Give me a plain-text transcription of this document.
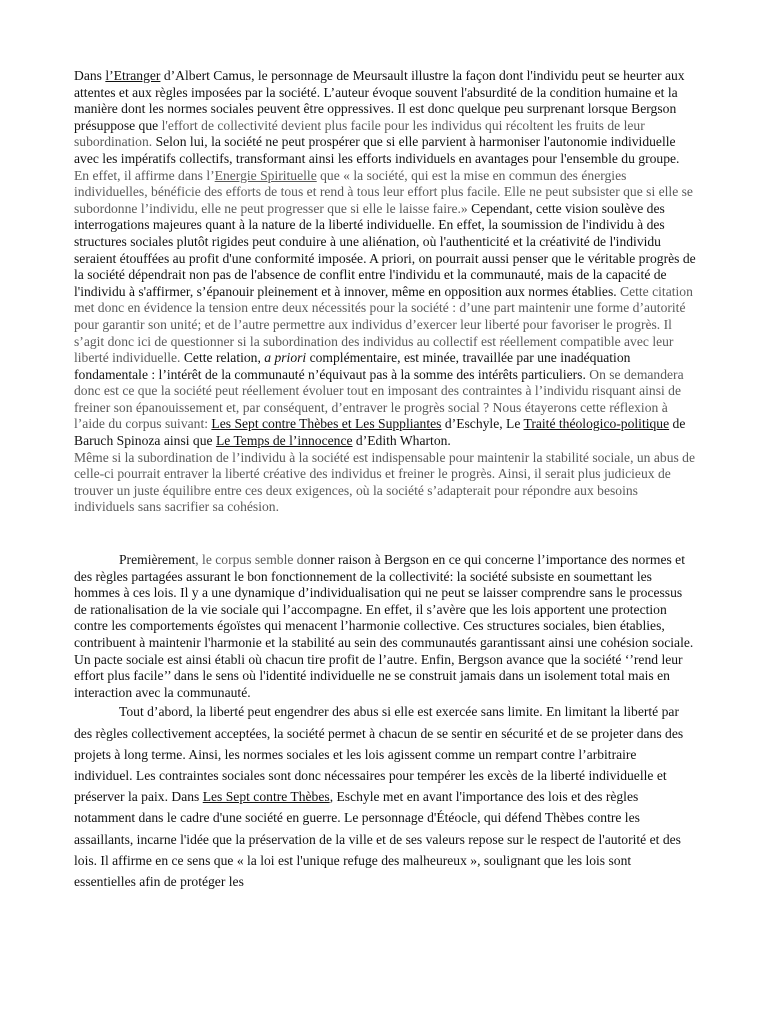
Dans l’Etranger d’Albert Camus, le personnage de Meursault illustre la façon dont l'individu peut se heurter aux attentes et aux règles imposées par la société. L’auteur évoque souvent l'absurdité de la condition humaine et la manière dont les normes sociales peuvent être oppressives. Il est donc quelque peu surprenant lorsque Bergson présuppose que l'effort de collectivité devient plus facile pour les individus qui récoltent les fruits de leur subordination. Selon lui, la société ne peut prospérer que si elle parvient à harmoniser l'autonomie individuelle avec les impératifs collectifs, transformant ainsi les efforts individuels en avantages pour l'ensemble du groupe. En effet, il affirme dans l’Energie Spirituelle que « la société, qui est la mise en commun des énergies individuelles, bénéficie des efforts de tous et rend à tous leur effort plus facile. Elle ne peut subsister que si elle se subordonne l’individu, elle ne peut progresser que si elle le laisse faire.» Cependant, cette vision soulève des interrogations majeures quant à la nature de la liberté individuelle. En effet, la soumission de l'individu à des structures sociales plutôt rigides peut conduire à une aliénation, où l'authenticité et la créativité de l'individu seraient étouffées au profit d'une conformité imposée. A priori, on pourrait aussi penser que le véritable progrès de la société dépendrait non pas de l'absence de conflit entre l'individu et la communauté, mais de la capacité de l'individu à s'affirmer, s’épanouir pleinement et à innover, même en opposition aux normes établies. Cette citation met donc en évidence la tension entre deux nécessités pour la société : d’une part maintenir une forme d’autorité pour garantir son unité; et de l’autre permettre aux individus d’exercer leur liberté pour favoriser le progrès. Il s’agit donc ici de questionner si la subordination des individus au collectif est réellement compatible avec leur liberté individuelle. Cette relation, a priori complémentaire, est minée, travaillée par une inadéquation fondamentale : l’intérêt de la communauté n’équivaut pas à la somme des intérêts particuliers. On se demandera donc est ce que la société peut réellement évoluer tout en imposant des contraintes à l’individu risquant ainsi de freiner son épanouissement et, par conséquent, d’entraver le progrès social ? Nous étayerons cette réflexion à l’aide du corpus suivant: Les Sept contre Thèbes et Les Suppliantes d’Eschyle, Le Traité théologico-politique de Baruch Spinoza ainsi que Le Temps de l’innocence d’Edith Wharton.
Même si la subordination de l’individu à la société est indispensable pour maintenir la stabilité sociale, un abus de celle-ci pourrait entraver la liberté créative des individus et freiner le progrès. Ainsi, il serait plus judicieux de trouver un juste équilibre entre ces deux exigences, où la société s’adapterait pour répondre aux besoins individuels sans sacrifier sa cohésion.

Premièrement, le corpus semble donner raison à Bergson en ce qui concerne l’importance des normes et des règles partagées assurant le bon fonctionnement de la collectivité: la société subsiste en soumettant les hommes à ces lois. Il y a une dynamique d’individualisation qui ne peut se laisser comprendre sans le processus de rationalisation de la vie sociale qui l’accompagne. En effet, il s’avère que les lois apportent une protection contre les comportements égoïstes qui menacent l’harmonie collective. Ces structures sociales, bien établies, contribuent à maintenir l'harmonie et la stabilité au sein des communautés garantissant ainsi une cohésion sociale. Un pacte sociale est ainsi établi où chacun tire profit de l’autre. Enfin, Bergson avance que la société ‘’rend leur effort plus facile’’ dans le sens où l'identité individuelle ne se construit jamais dans un isolement total mais en interaction avec la communauté.

Tout d’abord, la liberté peut engendrer des abus si elle est exercée sans limite. En limitant la liberté par des règles collectivement acceptées, la société permet à chacun de se sentir en sécurité et de se projeter dans des projets à long terme. Ainsi, les normes sociales et les lois agissent comme un rempart contre l’arbitraire individuel. Les contraintes sociales sont donc nécessaires pour tempérer les excès de la liberté individuelle et préserver la paix. Dans Les Sept contre Thèbes, Eschyle met en avant l'importance des lois et des règles notamment dans le cadre d'une société en guerre. Le personnage d'Étéocle, qui défend Thèbes contre les assaillants, incarne l'idée que la préservation de la ville et de ses valeurs repose sur le respect de l'autorité et des lois. Il affirme en ce sens que « la loi est l'unique refuge des malheureux », soulignant que les lois sont essentielles afin de protéger les
